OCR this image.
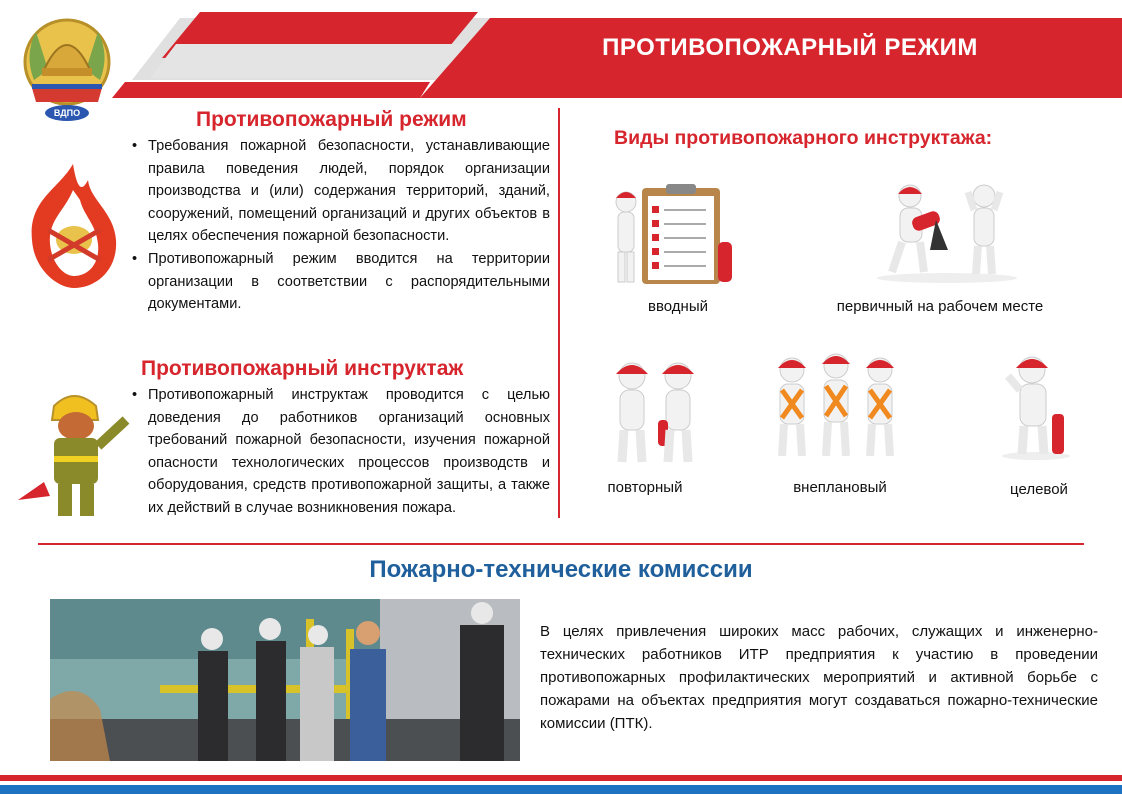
ПРОТИВОПОЖАРНЫЙ РЕЖИМ
ВДПО	Противопожарный режим
• Требования пожарной безопасности, устанавливающие правила поведения людей, порядок организации производства и (или) содержания территорий, зданий, сооружений, помещений организаций и других объектов в целях обеспечения пожарной безопасности.
• Противопожарный режим вводится на территории организации в соответствии с распорядительными документами.
Противопожарный инструктаж
• Противопожарный инструктаж проводится с целью доведения до работников организаций основных требований пожарной безопасности, изучения пожарной опасности технологических процессов производств и оборудования, средств противопожарной защиты, а также их действий в случае возникновения пожара.
Виды противопожарного инструктажа:
вводный	первичный на рабочем месте
повторный	внеплановый	целевой
Пожарно-технические комиссии
В целях привлечения широких масс рабочих, служащих и инженерно-технических работников ИТР предприятия к участию в проведении противопожарных профилактических мероприятий и активной борьбе с пожарами на объектах предприятия могут создаваться пожарно-технические комиссии (ПТК).
